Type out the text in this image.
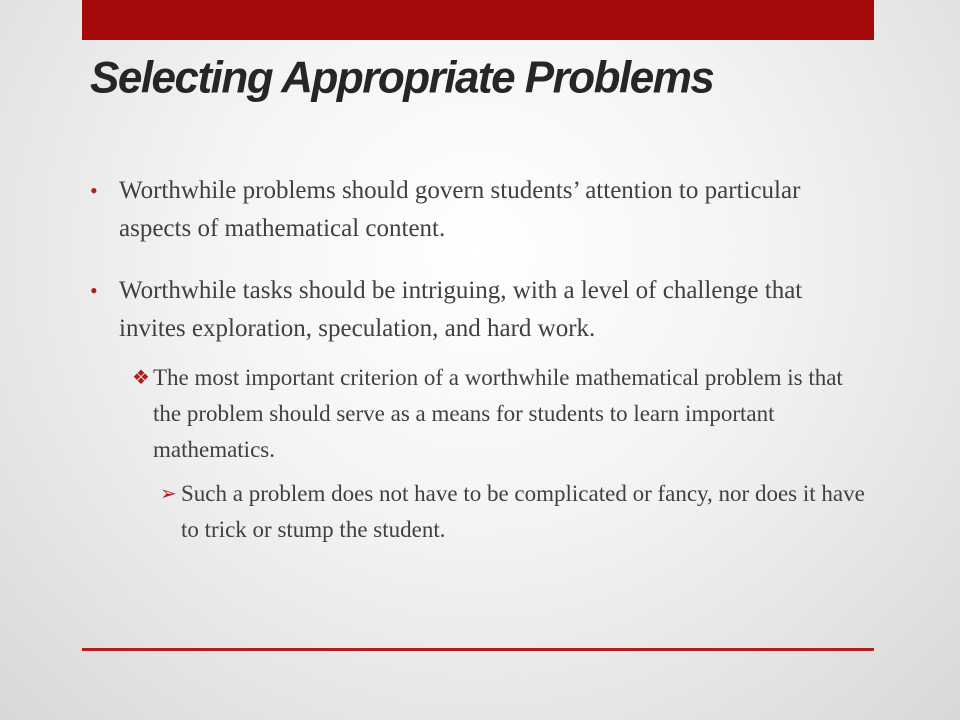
Selecting Appropriate Problems
• Worthwhile problems should govern students’ attention to particular aspects of mathematical content.
• Worthwhile tasks should be intriguing, with a level of challenge that invites exploration, speculation, and hard work.
❖ The most important criterion of a worthwhile mathematical problem is that the problem should serve as a means for students to learn important mathematics.
➢ Such a problem does not have to be complicated or fancy, nor does it have to trick or stump the student.
